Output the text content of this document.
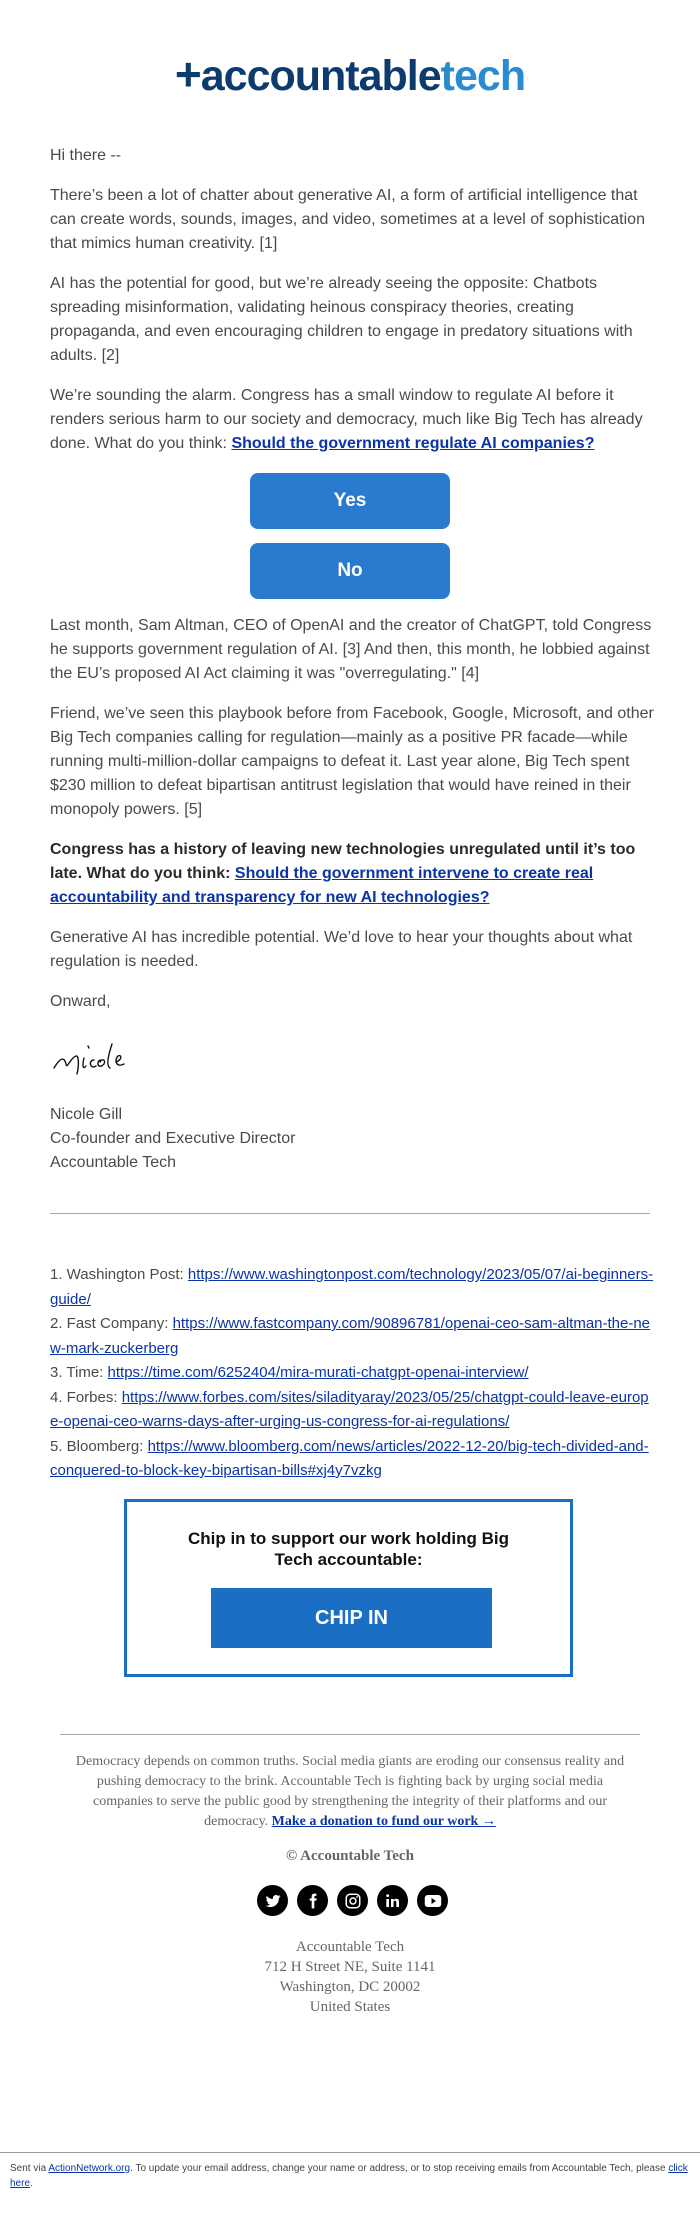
+accountabletech

Hi there --

There’s been a lot of chatter about generative AI, a form of artificial intelligence that can create words, sounds, images, and video, sometimes at a level of sophistication that mimics human creativity. [1]

AI has the potential for good, but we’re already seeing the opposite: Chatbots spreading misinformation, validating heinous conspiracy theories, creating propaganda, and even encouraging children to engage in predatory situations with adults. [2]

We’re sounding the alarm. Congress has a small window to regulate AI before it renders serious harm to our society and democracy, much like Big Tech has already done. What do you think: Should the government regulate AI companies?

Yes
No

Last month, Sam Altman, CEO of OpenAI and the creator of ChatGPT, told Congress he supports government regulation of AI. [3] And then, this month, he lobbied against the EU’s proposed AI Act claiming it was "overregulating." [4]

Friend, we’ve seen this playbook before from Facebook, Google, Microsoft, and other Big Tech companies calling for regulation—mainly as a positive PR facade—while running multi-million-dollar campaigns to defeat it. Last year alone, Big Tech spent $230 million to defeat bipartisan antitrust legislation that would have reined in their monopoly powers. [5]

Congress has a history of leaving new technologies unregulated until it’s too late. What do you think: Should the government intervene to create real accountability and transparency for new AI technologies?

Generative AI has incredible potential. We’d love to hear your thoughts about what regulation is needed.

Onward,

Nicole Gill

Co-founder and Executive Director

Accountable Tech

1. Washington Post: https://www.washingtonpost.com/technology/2023/05/07/ai-beginners-guide/
2. Fast Company: https://www.fastcompany.com/90896781/openai-ceo-sam-altman-the-new-mark-zuckerberg
3. Time: https://time.com/6252404/mira-murati-chatgpt-openai-interview/
4. Forbes: https://www.forbes.com/sites/siladityaray/2023/05/25/chatgpt-could-leave-europe-openai-ceo-warns-days-after-urging-us-congress-for-ai-regulations/
5. Bloomberg: https://www.bloomberg.com/news/articles/2022-12-20/big-tech-divided-and-conquered-to-block-key-bipartisan-bills#xj4y7vzkg
Chip in to support our work holding Big Tech accountable:
CHIP IN
Democracy depends on common truths. Social media giants are eroding our consensus reality and pushing democracy to the brink. Accountable Tech is fighting back by urging social media companies to serve the public good by strengthening the integrity of their platforms and our democracy. Make a donation to fund our work →
© Accountable Tech
Accountable Tech
712 H Street NE, Suite 1141
Washington, DC 20002
United States
Sent via ActionNetwork.org. To update your email address, change your name or address, or to stop receiving emails from Accountable Tech, please click here.
